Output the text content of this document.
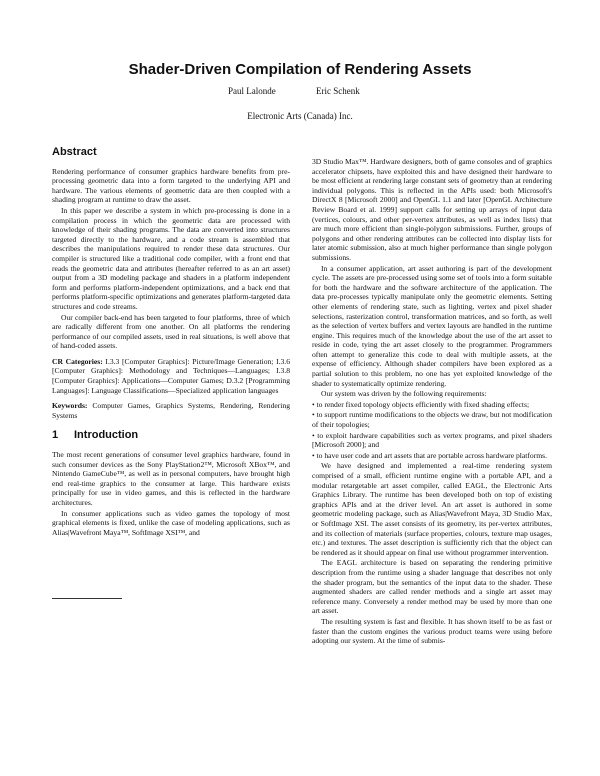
Shader-Driven Compilation of Rendering Assets
Paul Lalonde	Eric Schenk
Electronic Arts (Canada) Inc.
Abstract

Rendering performance of consumer graphics hardware benefits from pre-processing geometric data into a form targeted to the underlying API and hardware. The various elements of geometric data are then coupled with a shading program at runtime to draw the asset.

In this paper we describe a system in which pre-processing is done in a compilation process in which the geometric data are processed with knowledge of their shading programs. The data are converted into structures targeted directly to the hardware, and a code stream is assembled that describes the manipulations required to render these data structures. Our compiler is structured like a traditional code compiler, with a front end that reads the geometric data and attributes (hereafter referred to as an art asset) output from a 3D modeling package and shaders in a platform independent form and performs platform-independent optimizations, and a back end that performs platform-specific optimizations and generates platform-targeted data structures and code streams.

Our compiler back-end has been targeted to four platforms, three of which are radically different from one another. On all platforms the rendering performance of our compiled assets, used in real situations, is well above that of hand-coded assets.

CR Categories: I.3.3 [Computer Graphics]: Picture/Image Generation; I.3.6 [Computer Graphics]: Methodology and Techniques—Languages; I.3.8 [Computer Graphics]: Applications—Computer Games; D.3.2 [Programming Languages]: Language Classifications—Specialized application languages

Keywords: Computer Games, Graphics Systems, Rendering, Rendering Systems

1 Introduction

The most recent generations of consumer level graphics hardware, found in such consumer devices as the Sony PlayStation2™, Microsoft XBox™, and Nintendo GameCube™, as well as in personal computers, have brought high end real-time graphics to the consumer at large. This hardware exists principally for use in video games, and this is reflected in the hardware architectures.

In consumer applications such as video games the topology of most graphical elements is fixed, unlike the case of modeling applications, such as Alias|Wavefront Maya™, SoftImage XSI™, and

3D Studio Max™. Hardware designers, both of game consoles and of graphics accelerator chipsets, have exploited this and have designed their hardware to be most efficient at rendering large constant sets of geometry than at rendering individual polygons. This is reflected in the APIs used: both Microsoft's DirectX 8 [Microsoft 2000] and OpenGL 1.1 and later [OpenGL Architecture Review Board et al. 1999] support calls for setting up arrays of input data (vertices, colours, and other per-vertex attributes, as well as index lists) that are much more efficient than single-polygon submissions. Further, groups of polygons and other rendering attributes can be collected into display lists for later atomic submission, also at much higher performance than single polygon submissions.

In a consumer application, art asset authoring is part of the development cycle. The assets are pre-processed using some set of tools into a form suitable for both the hardware and the software architecture of the application. The data pre-processes typically manipulate only the geometric elements. Setting other elements of rendering state, such as lighting, vertex and pixel shader selections, rasterization control, transformation matrices, and so forth, as well as the selection of vertex buffers and vertex layouts are handled in the runtime engine. This requires much of the knowledge about the use of the art asset to reside in code, tying the art asset closely to the programmer. Programmers often attempt to generalize this code to deal with multiple assets, at the expense of efficiency. Although shader compilers have been explored as a partial solution to this problem, no one has yet exploited knowledge of the shader to systematically optimize rendering.

Our system was driven by the following requirements:

• to render fixed topology objects efficiently with fixed shading effects;

• to support runtime modifications to the objects we draw, but not modification of their topologies;

• to exploit hardware capabilities such as vertex programs, and pixel shaders [Microsoft 2000]; and

• to have user code and art assets that are portable across hardware platforms.

We have designed and implemented a real-time rendering system comprised of a small, efficient runtime engine with a portable API, and a modular retargetable art asset compiler, called EAGL, the Electronic Arts Graphics Library. The runtime has been developed both on top of existing graphics APIs and at the driver level. An art asset is authored in some geometric modeling package, such as Alias|Wavefront Maya, 3D Studio Max, or SoftImage XSI. The asset consists of its geometry, its per-vertex attributes, and its collection of materials (surface properties, colours, texture map usages, etc.) and textures. The asset description is sufficiently rich that the object can be rendered as it should appear on final use without programmer intervention.

The EAGL architecture is based on separating the rendering primitive description from the runtime using a shader language that describes not only the shader program, but the semantics of the input data to the shader. These augmented shaders are called render methods and a single art asset may reference many. Conversely a render method may be used by more than one art asset.

The resulting system is fast and flexible. It has shown itself to be as fast or faster than the custom engines the various product teams were using before adopting our system. At the time of submis-
